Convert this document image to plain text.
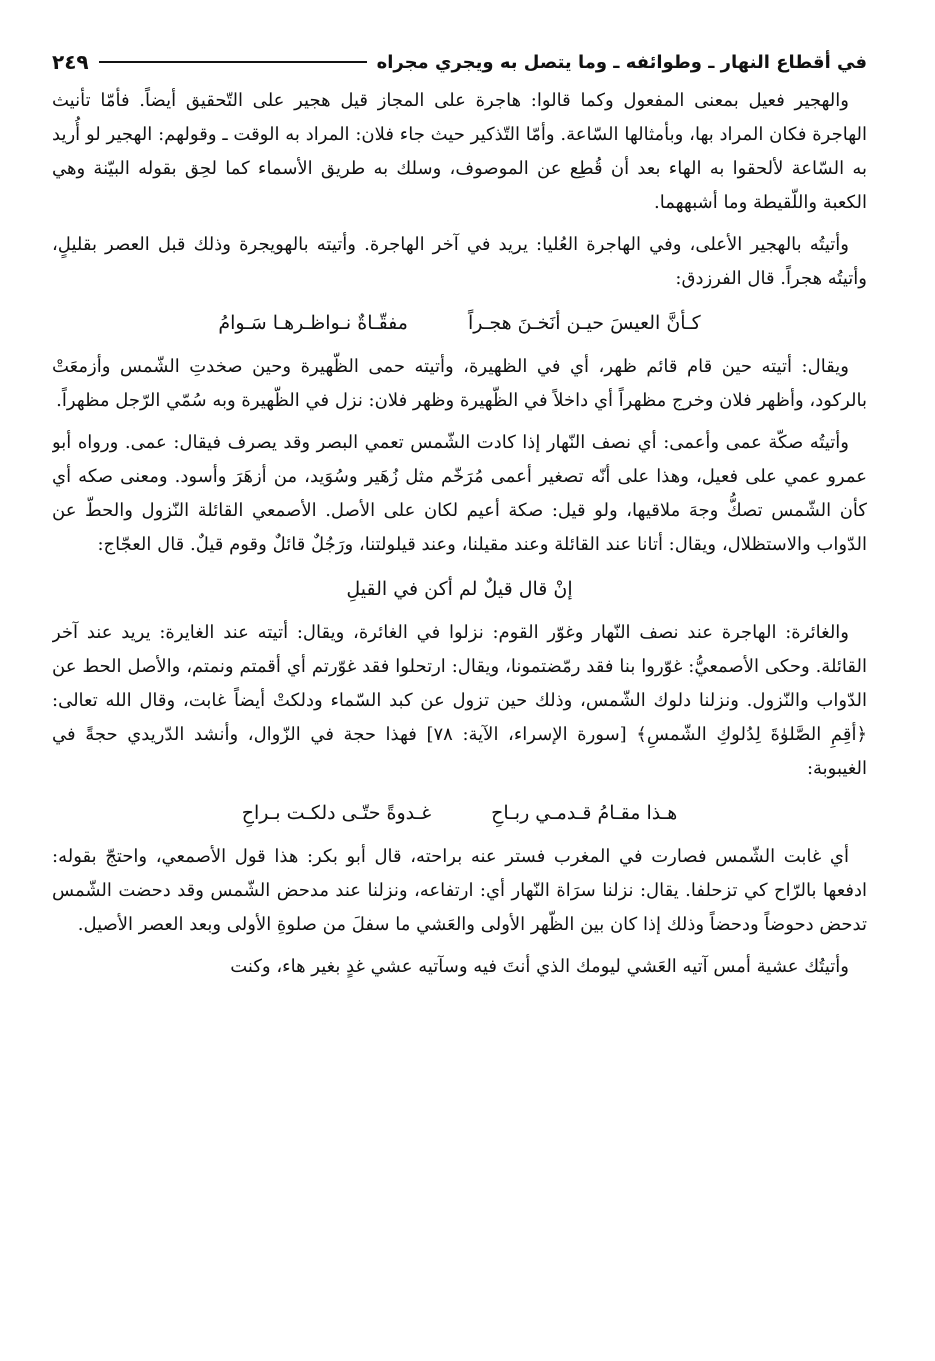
في أقطاع النهار ـ وطوائفه ـ وما يتصل به ويجري مجراه
٢٤٩

والهجير فعيل بمعنى المفعول وكما قالوا: هاجرة على المجاز قيل هجير على التّحقيق أيضاً. فأمّا تأنيث الهاجرة فكان المراد بها، وبأمثالها السّاعة. وأمّا التّذكير حيث جاء فلان: المراد به الوقت ـ وقولهم: الهجير لو أُريد به السّاعة لألحقوا به الهاء بعد أن قُطِع عن الموصوف، وسلك به طريق الأسماء كما لحِق بقوله البيّنة وهي الكعبة واللّقيطة وما أشبههما.

وأتيتُه بالهجير الأعلى، وفي الهاجرة العُليا: يريد في آخر الهاجرة. وأتيته بالهويجرة وذلك قبل العصر بقليلٍ، وأتيتُه هجراً. قال الفرزدق:

كـأنَّ العيسَ حيـن أنَخـنَ هجـراً
مفقّـاةٌ نـواظـرهـا سَـوامُ

ويقال: أتيته حين قام قائم ظهر، أي في الظهيرة، وأتيته حمى الظّهيرة وحين صخدتِ الشّمس وأزمعَتْ بالركود، وأظهر فلان وخرج مظهراً أي داخلاً في الظّهيرة وظهر فلان: نزل في الظّهيرة وبه سُمّي الرّجل مظهراً.

وأتيتُه صكّة عمى وأعمى: أي نصف النّهار إذا كادت الشّمس تعمي البصر وقد يصرف فيقال: عمى. ورواه أبو عمرو عمي على فعيل، وهذا على أنّه تصغير أعمى مُرَخّم مثل زُهَير وسُوَيد، من أزهَرَ وأسود. ومعنى صكه أي كأن الشّمس تصكُّ وجهَ ملاقيها، ولو قيل: صكة أعيم لكان على الأصل. الأصمعي القائلة النّزول والحطّ عن الدّواب والاستظلال، ويقال: أتانا عند القائلة وعند مقيلنا، وعند قيلولتنا، ورَجُلٌ قائلٌ وقوم قيلٌ. قال العجّاج:

إنْ قال قيلٌ لم أكن في القيلِ

والغائرة: الهاجرة عند نصف النّهار وغوّر القوم: نزلوا في الغائرة، ويقال: أتيته عند الغايرة: يريد عند آخر القائلة. وحكى الأصمعيُّ: غوّروا بنا فقد رمّضتمونا، ويقال: ارتحلوا فقد غوّرتم أي أقمتم ونمتم، والأصل الحط عن الدّواب والنّزول. ونزلنا دلوك الشّمس، وذلك حين تزول عن كبد السّماء ودلكتْ أيضاً غابت، وقال الله تعالى: ﴿أقِمِ الصَّلوٰةَ لِدُلوكِ الشّمسِ﴾ [سورة الإسراء، الآية: ٧٨] فهذا حجة في الزّوال، وأنشد الدّريدي حجةً في الغيبوبة:

هـذا مقـامُ قـدمـي ربـاحِ
غـدوةً حتّـى دلكـت بـراحِ

أي غابت الشّمس فصارت في المغرب فستر عنه براحته، قال أبو بكر: هذا قول الأصمعي، واحتجّ بقوله: ادفعها بالرّاح كي تزحلفا. يقال: نزلنا سرَاة النّهار أي: ارتفاعه، ونزلنا عند مدحض الشّمس وقد دحضت الشّمس تدحض دحوضاً ودحضاً وذلك إذا كان بين الظّهر الأولى والعَشي ما سفلَ من صلوةِ الأولى وبعد العصر الأصيل.

وأتيتُك عشية أمس آتيه العَشي ليومك الذي أنتَ فيه وسآتيه عشي غدٍ بغير هاء، وكنت
